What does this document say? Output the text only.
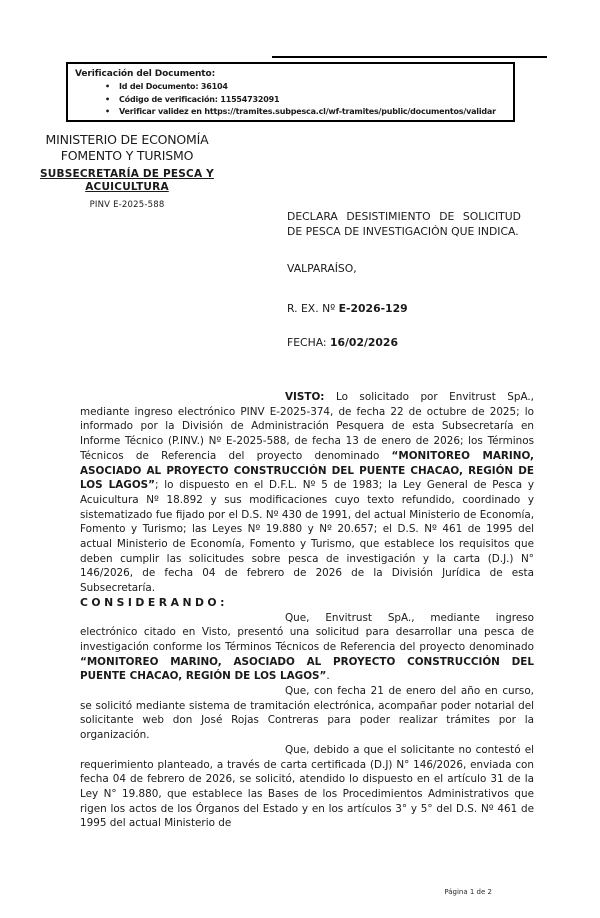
Verificación del Documento:
• Id del Documento: 36104
• Código de verificación: 11554732091
• Verificar validez en https://tramites.subpesca.cl/wf-tramites/public/documentos/validar
MINISTERIO DE ECONOMÍA
FOMENTO Y TURISMO
SUBSECRETARÍA DE PESCA Y
ACUICULTURA
PINV E-2025-588

DECLARA DESISTIMIENTO DE SOLICITUD DE PESCA DE INVESTIGACIÓN QUE INDICA.

VALPARAÍSO,

R. EX. Nº E-2026-129

FECHA: 16/02/2026

VISTO: Lo solicitado por Envitrust SpA., mediante ingreso electrónico PINV E-2025-374, de fecha 22 de octubre de 2025; lo informado por la División de Administración Pesquera de esta Subsecretaría en Informe Técnico (P.INV.) Nº E-2025-588, de fecha 13 de enero de 2026; los Términos Técnicos de Referencia del proyecto denominado “MONITOREO MARINO, ASOCIADO AL PROYECTO CONSTRUCCIÓN DEL PUENTE CHACAO, REGIÓN DE LOS LAGOS”; lo dispuesto en el D.F.L. Nº 5 de 1983; la Ley General de Pesca y Acuicultura Nº 18.892 y sus modificaciones cuyo texto refundido, coordinado y sistematizado fue fijado por el D.S. Nº 430 de 1991, del actual Ministerio de Economía, Fomento y Turismo; las Leyes Nº 19.880 y Nº 20.657; el D.S. Nº 461 de 1995 del actual Ministerio de Economía, Fomento y Turismo, que establece los requisitos que deben cumplir las solicitudes sobre pesca de investigación y la carta (D.J.) N° 146/2026, de fecha 04 de febrero de 2026 de la División Jurídica de esta Subsecretaría.

CONSIDERANDO:

Que, Envitrust SpA., mediante ingreso electrónico citado en Visto, presentó una solicitud para desarrollar una pesca de investigación conforme los Términos Técnicos de Referencia del proyecto denominado “MONITOREO MARINO, ASOCIADO AL PROYECTO CONSTRUCCIÓN DEL PUENTE CHACAO, REGIÓN DE LOS LAGOS”.

Que, con fecha 21 de enero del año en curso, se solicitó mediante sistema de tramitación electrónica, acompañar poder notarial del solicitante web don José Rojas Contreras para poder realizar trámites por la organización.

Que, debido a que el solicitante no contestó el requerimiento planteado, a través de carta certificada (D.J) N° 146/2026, enviada con fecha 04 de febrero de 2026, se solicitó, atendido lo dispuesto en el artículo 31 de la Ley N° 19.880, que establece las Bases de los Procedimientos Administrativos que rigen los actos de los Órganos del Estado y en los artículos 3° y 5° del D.S. Nº 461 de 1995 del actual Ministerio de

Página 1 de 2
